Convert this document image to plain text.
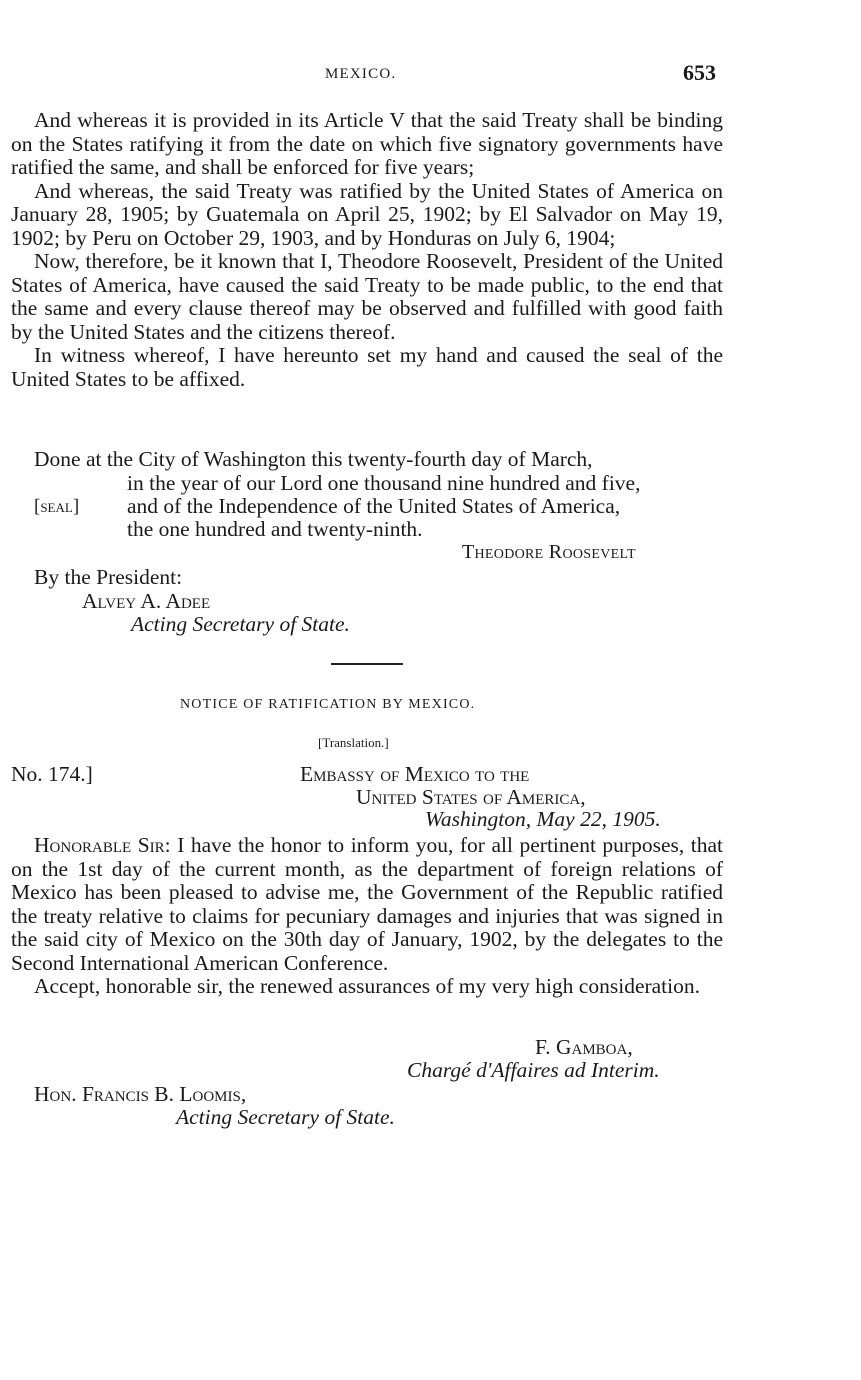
MEXICO.	653

And whereas it is provided in its Article V that the said Treaty shall be binding on the States ratifying it from the date on which five signatory governments have ratified the same, and shall be enforced for five years;

And whereas, the said Treaty was ratified by the United States of America on January 28, 1905; by Guatemala on April 25, 1902; by El Salvador on May 19, 1902; by Peru on October 29, 1903, and by Honduras on July 6, 1904;

Now, therefore, be it known that I, Theodore Roosevelt, President of the United States of America, have caused the said Treaty to be made public, to the end that the same and every clause thereof may be observed and fulfilled with good faith by the United States and the citizens thereof.

In witness whereof, I have hereunto set my hand and caused the seal of the United States to be affixed.

Done at the City of Washington this twenty-fourth day of March,
in the year of our Lord one thousand nine hundred and five,
[seal] and of the Independence of the United States of America,
the one hundred and twenty-ninth.
Theodore Roosevelt
By the President:
Alvey A. Adee
Acting Secretary of State.
NOTICE OF RATIFICATION BY MEXICO.
[Translation.]
No. 174.]	Embassy of Mexico to the
United States of America,
Washington, May 22, 1905.

Honorable Sir: I have the honor to inform you, for all pertinent purposes, that on the 1st day of the current month, as the department of foreign relations of Mexico has been pleased to advise me, the Government of the Republic ratified the treaty relative to claims for pecuniary damages and injuries that was signed in the said city of Mexico on the 30th day of January, 1902, by the delegates to the Second International American Conference.

Accept, honorable sir, the renewed assurances of my very high consideration.

F. Gamboa,
Chargé d'Affaires ad Interim.
Hon. Francis B. Loomis,
Acting Secretary of State.
